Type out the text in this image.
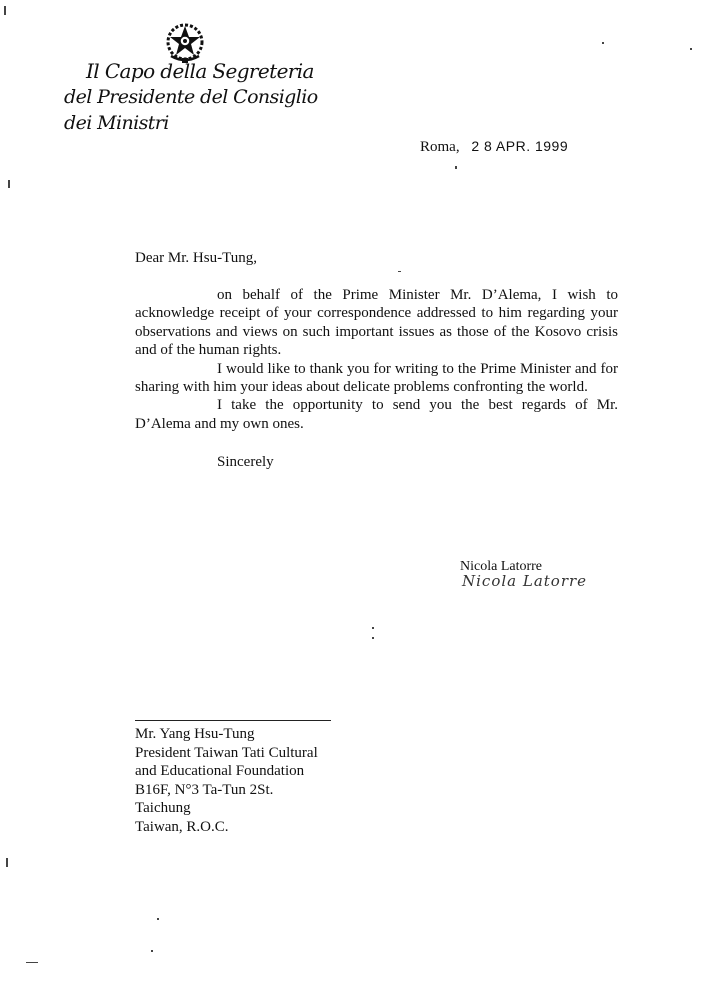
Il Capo della Segreteria
del Presidente del Consiglio dei Ministri
Roma, 2 8 APR. 1999
Dear Mr. Hsu-Tung,

on behalf of the Prime Minister Mr. D’Alema, I wish to acknowledge receipt of your correspondence addressed to him regarding your observations and views on such important issues as those of the Kosovo crisis and of the human rights.

I would like to thank you for writing to the Prime Minister and for sharing with him your ideas about delicate problems confronting the world.

I take the opportunity to send you the best regards of Mr. D’Alema and my own ones.

Sincerely
Nicola Latorre
Nicola Latorre
Mr. Yang Hsu-Tung
President Taiwan Tati Cultural
and Educational Foundation
B16F, N°3 Ta-Tun 2St.
Taichung
Taiwan, R.O.C.
